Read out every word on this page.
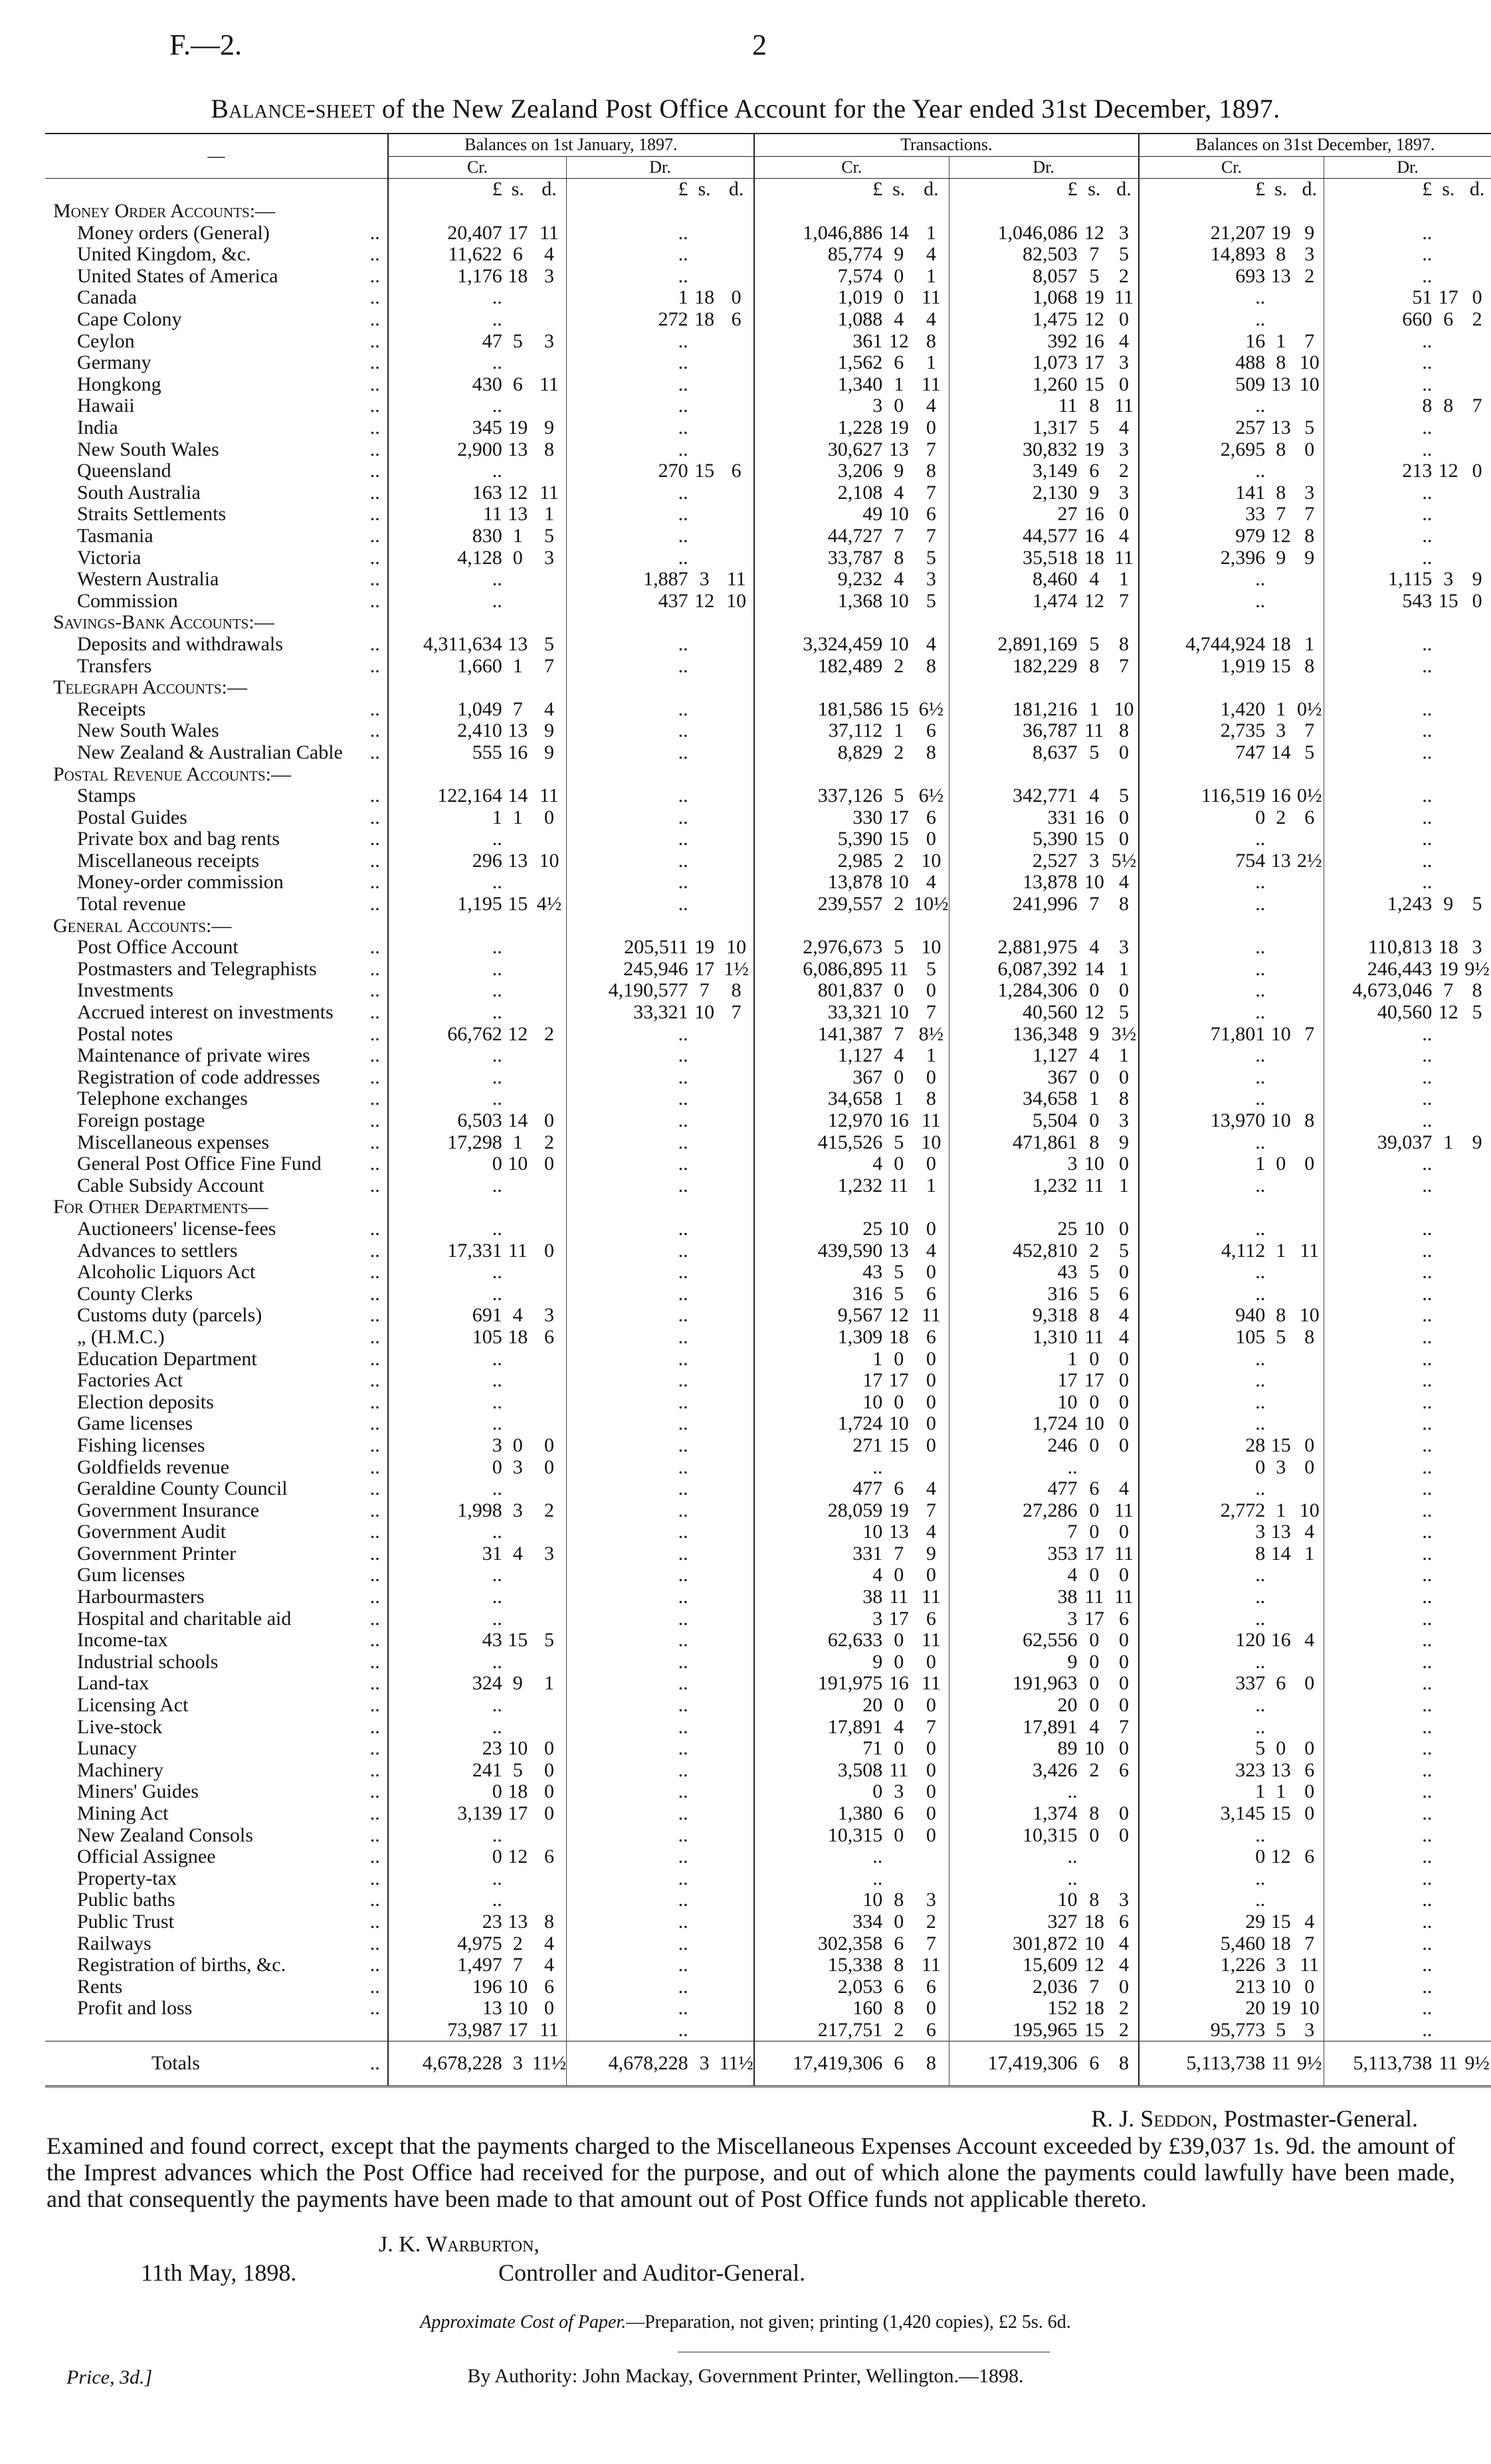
F.—2.	2
Balance-sheet of the New Zealand Post Office Account for the Year ended 31st December, 1897.
—		Balances on 1st January, 1897.						Transactions.						Balances on 31st December, 1897.					
		Cr.			Dr.			Cr.			Dr.			Cr.			Dr.		
		£	s.	d.	£	s.	d.	£	s.	d.	£	s.	d.	£	s.	d.	£	s.	d.
Money Order Accounts:—																			
Money orders (General)	..	20,407	17	11	..			1,046,886	14	1	1,046,086	12	3	21,207	19	9	..		
United Kingdom, &c.	..	11,622	6	4	..			85,774	9	4	82,503	7	5	14,893	8	3	..		
United States of America	..	1,176	18	3	..			7,574	0	1	8,057	5	2	693	13	2	..		
Canada	..	..			1	18	0	1,019	0	11	1,068	19	11	..			51	17	0
Cape Colony	..	..			272	18	6	1,088	4	4	1,475	12	0	..			660	6	2
Ceylon	..	47	5	3	..			361	12	8	392	16	4	16	1	7	..		
Germany	..	..			..			1,562	6	1	1,073	17	3	488	8	10	..		
Hongkong	..	430	6	11	..			1,340	1	11	1,260	15	0	509	13	10	..		
Hawaii	..	..			..			3	0	4	11	8	11	..			8	8	7
India	..	345	19	9	..			1,228	19	0	1,317	5	4	257	13	5	..		
New South Wales	..	2,900	13	8	..			30,627	13	7	30,832	19	3	2,695	8	0	..		
Queensland	..	..			270	15	6	3,206	9	8	3,149	6	2	..			213	12	0
South Australia	..	163	12	11	..			2,108	4	7	2,130	9	3	141	8	3	..		
Straits Settlements	..	11	13	1	..			49	10	6	27	16	0	33	7	7	..		
Tasmania	..	830	1	5	..			44,727	7	7	44,577	16	4	979	12	8	..		
Victoria	..	4,128	0	3	..			33,787	8	5	35,518	18	11	2,396	9	9	..		
Western Australia	..	..			1,887	3	11	9,232	4	3	8,460	4	1	..			1,115	3	9
Commission	..	..			437	12	10	1,368	10	5	1,474	12	7	..			543	15	0
Savings-Bank Accounts:—																			
Deposits and withdrawals	..	4,311,634	13	5	..			3,324,459	10	4	2,891,169	5	8	4,744,924	18	1	..		
Transfers	..	1,660	1	7	..			182,489	2	8	182,229	8	7	1,919	15	8	..		
Telegraph Accounts:—																			
Receipts	..	1,049	7	4	..			181,586	15	6½	181,216	1	10	1,420	1	0½	..		
New South Wales	..	2,410	13	9	..			37,112	1	6	36,787	11	8	2,735	3	7	..		
New Zealand & Australian Cable	..	555	16	9	..			8,829	2	8	8,637	5	0	747	14	5	..		
Postal Revenue Accounts:—																			
Stamps	..	122,164	14	11	..			337,126	5	6½	342,771	4	5	116,519	16	0½	..		
Postal Guides	..	1	1	0	..			330	17	6	331	16	0	0	2	6	..		
Private box and bag rents	..	..			..			5,390	15	0	5,390	15	0	..			..		
Miscellaneous receipts	..	296	13	10	..			2,985	2	10	2,527	3	5½	754	13	2½	..		
Money-order commission	..	..			..			13,878	10	4	13,878	10	4	..			..		
Total revenue	..	1,195	15	4½	..			239,557	2	10½	241,996	7	8	..			1,243	9	5
General Accounts:—																			
Post Office Account	..	..			205,511	19	10	2,976,673	5	10	2,881,975	4	3	..			110,813	18	3
Postmasters and Telegraphists	..	..			245,946	17	1½	6,086,895	11	5	6,087,392	14	1	..			246,443	19	9½
Investments	..	..			4,190,577	7	8	801,837	0	0	1,284,306	0	0	..			4,673,046	7	8
Accrued interest on investments	..	..			33,321	10	7	33,321	10	7	40,560	12	5	..			40,560	12	5
Postal notes	..	66,762	12	2	..			141,387	7	8½	136,348	9	3½	71,801	10	7	..		
Maintenance of private wires	..	..			..			1,127	4	1	1,127	4	1	..			..		
Registration of code addresses	..	..			..			367	0	0	367	0	0	..			..		
Telephone exchanges	..	..			..			34,658	1	8	34,658	1	8	..			..		
Foreign postage	..	6,503	14	0	..			12,970	16	11	5,504	0	3	13,970	10	8	..		
Miscellaneous expenses	..	17,298	1	2	..			415,526	5	10	471,861	8	9	..			39,037	1	9
General Post Office Fine Fund	..	0	10	0	..			4	0	0	3	10	0	1	0	0	..		
Cable Subsidy Account	..	..			..			1,232	11	1	1,232	11	1	..			..		
For Other Departments—																			
Auctioneers' license-fees	..	..			..			25	10	0	25	10	0	..			..		
Advances to settlers	..	17,331	11	0	..			439,590	13	4	452,810	2	5	4,112	1	11	..		
Alcoholic Liquors Act	..	..			..			43	5	0	43	5	0	..			..		
County Clerks	..	..			..			316	5	6	316	5	6	..			..		
Customs duty (parcels)	..	691	4	3	..			9,567	12	11	9,318	8	4	940	8	10	..		
„ (H.M.C.)	..	105	18	6	..			1,309	18	6	1,310	11	4	105	5	8	..		
Education Department	..	..			..			1	0	0	1	0	0	..			..		
Factories Act	..	..			..			17	17	0	17	17	0	..			..		
Election deposits	..	..			..			10	0	0	10	0	0	..			..		
Game licenses	..	..			..			1,724	10	0	1,724	10	0	..			..		
Fishing licenses	..	3	0	0	..			271	15	0	246	0	0	28	15	0	..		
Goldfields revenue	..	0	3	0	..			..			..			0	3	0	..		
Geraldine County Council	..	..			..			477	6	4	477	6	4	..			..		
Government Insurance	..	1,998	3	2	..			28,059	19	7	27,286	0	11	2,772	1	10	..		
Government Audit	..	..			..			10	13	4	7	0	0	3	13	4	..		
Government Printer	..	31	4	3	..			331	7	9	353	17	11	8	14	1	..		
Gum licenses	..	..			..			4	0	0	4	0	0	..			..		
Harbourmasters	..	..			..			38	11	11	38	11	11	..			..		
Hospital and charitable aid	..	..			..			3	17	6	3	17	6	..			..		
Income-tax	..	43	15	5	..			62,633	0	11	62,556	0	0	120	16	4	..		
Industrial schools	..	..			..			9	0	0	9	0	0	..			..		
Land-tax	..	324	9	1	..			191,975	16	11	191,963	0	0	337	6	0	..		
Licensing Act	..	..			..			20	0	0	20	0	0	..			..		
Live-stock	..	..			..			17,891	4	7	17,891	4	7	..			..		
Lunacy	..	23	10	0	..			71	0	0	89	10	0	5	0	0	..		
Machinery	..	241	5	0	..			3,508	11	0	3,426	2	6	323	13	6	..		
Miners' Guides	..	0	18	0	..			0	3	0	..			1	1	0	..		
Mining Act	..	3,139	17	0	..			1,380	6	0	1,374	8	0	3,145	15	0	..		
New Zealand Consols	..	..			..			10,315	0	0	10,315	0	0	..			..		
Official Assignee	..	0	12	6	..			..			..			0	12	6	..		
Property-tax	..	..			..			..			..			..			..		
Public baths	..	..			..			10	8	3	10	8	3	..			..		
Public Trust	..	23	13	8	..			334	0	2	327	18	6	29	15	4	..		
Railways	..	4,975	2	4	..			302,358	6	7	301,872	10	4	5,460	18	7	..		
Registration of births, &c.	..	1,497	7	4	..			15,338	8	11	15,609	12	4	1,226	3	11	..		
Rents	..	196	10	6	..			2,053	6	6	2,036	7	0	213	10	0	..		
Profit and loss	..	13	10	0	..			160	8	0	152	18	2	20	19	10	..		
		73,987	17	11	..			217,751	2	6	195,965	15	2	95,773	5	3	..		
Totals	..	4,678,228	3	11½	4,678,228	3	11½	17,419,306	6	8	17,419,306	6	8	5,113,738	11	9½	5,113,738	11	9½
R. J. Seddon, Postmaster-General.
Examined and found correct, except that the payments charged to the Miscellaneous Expenses Account exceeded by £39,037 1s. 9d. the amount of the Imprest advances which the Post Office had received for the purpose, and out of which alone the payments could lawfully have been made, and that consequently the payments have been made to that amount out of Post Office funds not applicable thereto.
J. K. Warburton,
11th May, 1898.	Controller and Auditor-General.
Approximate Cost of Paper.—Preparation, not given; printing (1,420 copies), £2 5s. 6d.
Price, 3d.]	By Authority: John Mackay, Government Printer, Wellington.—1898.
